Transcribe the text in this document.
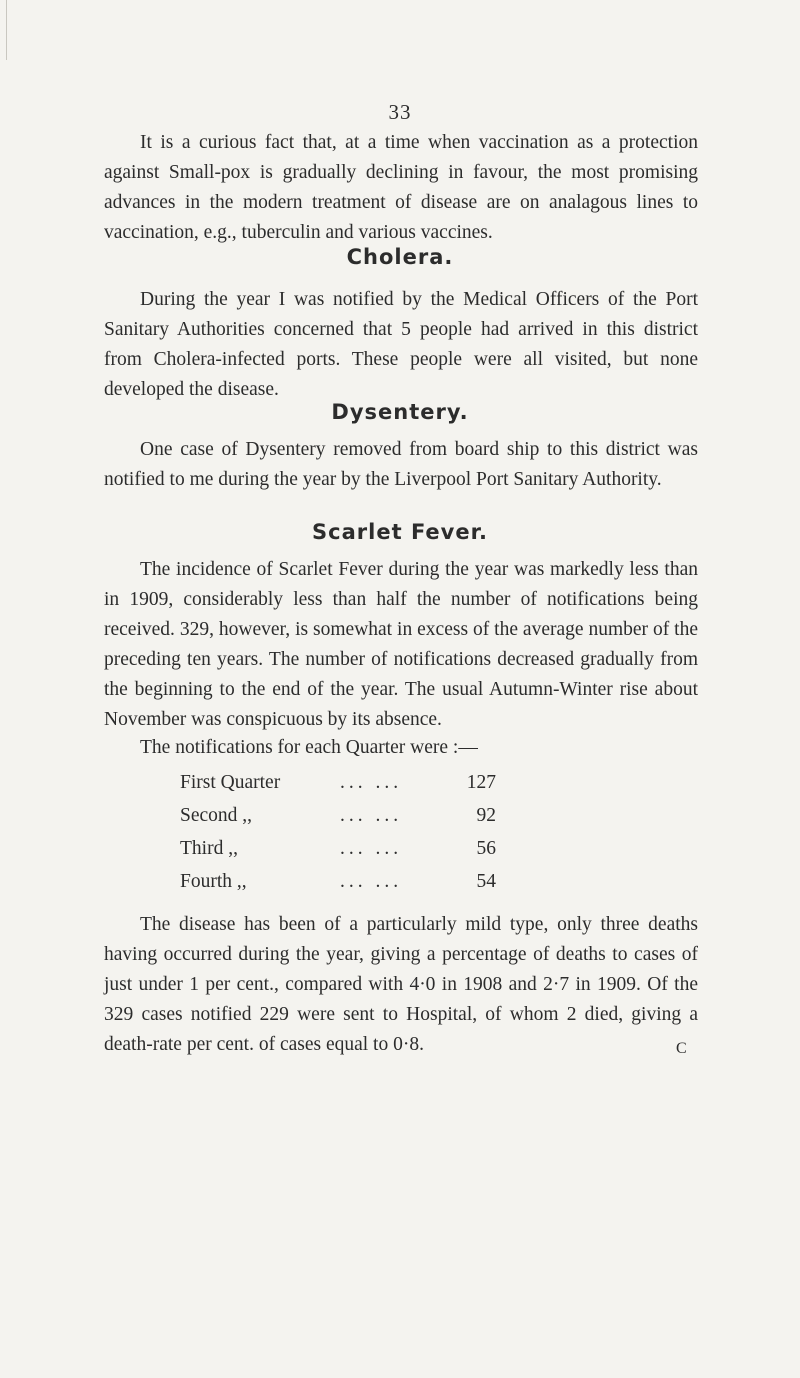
33

It is a curious fact that, at a time when vaccination as a protection against Small-pox is gradually declining in favour, the most promising advances in the modern treatment of disease are on analagous lines to vaccination, e.g., tuberculin and various vaccines.

Cholera.

During the year I was notified by the Medical Officers of the Port Sanitary Authorities concerned that 5 people had arrived in this district from Cholera-infected ports. These people were all visited, but none developed the disease.

Dysentery.

One case of Dysentery removed from board ship to this district was notified to me during the year by the Liverpool Port Sanitary Authority.

Scarlet Fever.

The incidence of Scarlet Fever during the year was markedly less than in 1909, considerably less than half the number of notifications being received. 329, however, is somewhat in excess of the average number of the preceding ten years. The number of notifications decreased gradually from the beginning to the end of the year. The usual Autumn-Winter rise about November was conspicuous by its absence.

The notifications for each Quarter were :—
First Quarter	... ...	127
Second ,,	... ...	92
Third ,,	... ...	56
Fourth ,,	... ...	54

The disease has been of a particularly mild type, only three deaths having occurred during the year, giving a percentage of deaths to cases of just under 1 per cent., compared with 4·0 in 1908 and 2·7 in 1909. Of the 329 cases notified 229 were sent to Hospital, of whom 2 died, giving a death-rate per cent. of cases equal to 0·8.	C
